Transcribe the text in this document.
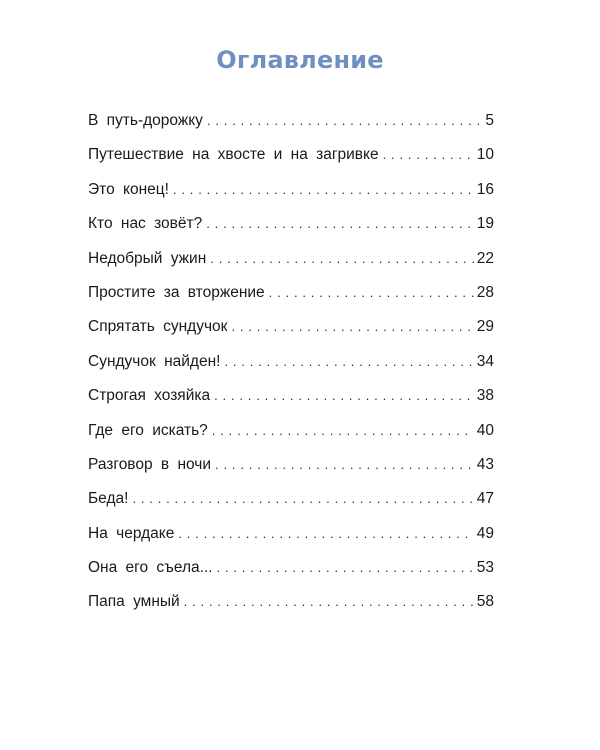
Оглавление
В путь-дорожку . . .	5
Путешествие на хвосте и на загривке . . .	10
Это конец! . . .	16
Кто нас зовёт? . . .	19
Недобрый ужин . . .	22
Простите за вторжение . . .	28
Спрятать сундучок . . .	29
Сундучок найден! . . .	34
Строгая хозяйка . . .	38
Где его искать? . . .	40
Разговор в ночи . . .	43
Беда! . . .	47
На чердаке . . .	49
Она его съела... . . .	53
Папа умный . . .	58
